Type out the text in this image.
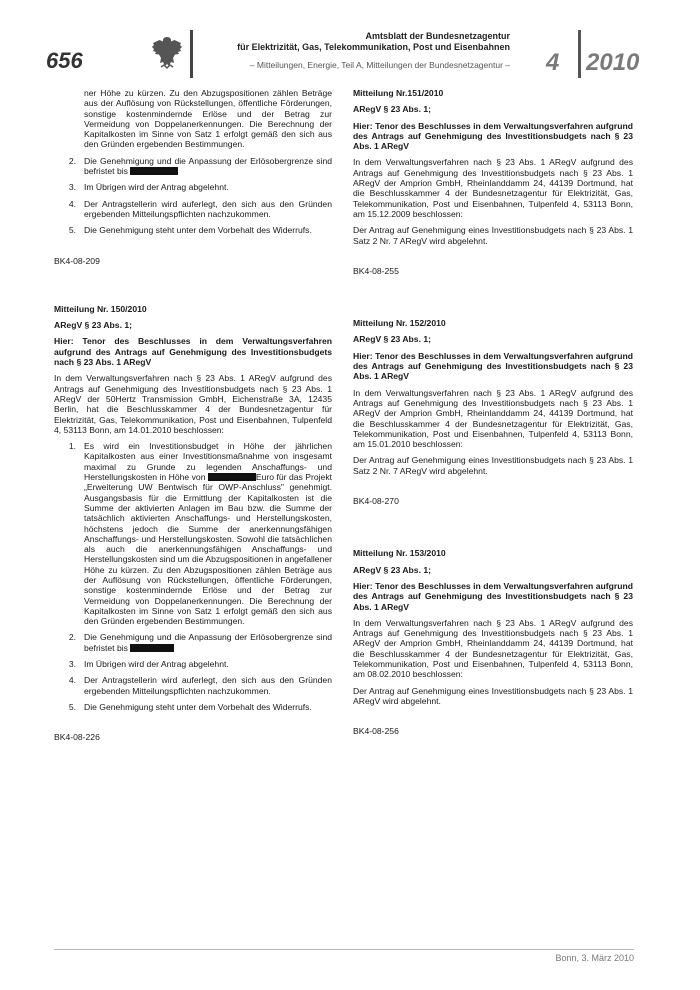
656
Amtsblatt der Bundesnetzagentur
für Elektrizität, Gas, Telekommunikation, Post und Eisenbahnen
– Mitteilungen, Energie, Teil A, Mitteilungen der Bundesnetzagentur – 4 2010
ner Höhe zu kürzen. Zu den Abzugspositionen zählen Beträge aus der Auflösung von Rückstellungen, öffentliche Förderungen, sonstige kostenmindernde Erlöse und der Betrag zur Vermeidung von Doppelanerkennungen. Die Berechnung der Kapitalkosten im Sinne von Satz 1 erfolgt gemäß den sich aus den Gründen ergebenden Bestimmungen.
2. Die Genehmigung und die Anpassung der Erlösobergrenze sind befristet bis
3. Im Übrigen wird der Antrag abgelehnt.
4. Der Antragstellerin wird auferlegt, den sich aus den Gründen ergebenden Mitteilungspflichten nachzukommen.
5. Die Genehmigung steht unter dem Vorbehalt des Widerrufs.

BK4-08-209

Mitteilung Nr. 150/2010

ARegV § 23 Abs. 1;

Hier: Tenor des Beschlusses in dem Verwaltungsverfahren aufgrund des Antrags auf Genehmigung des Investitionsbudgets nach § 23 Abs. 1 ARegV

In dem Verwaltungsverfahren nach § 23 Abs. 1 ARegV aufgrund des Antrags auf Genehmigung des Investitionsbudgets nach § 23 Abs. 1 ARegV der 50Hertz Transmission GmbH, Eichenstraße 3A, 12435 Berlin, hat die Beschlusskammer 4 der Bundesnetzagentur für Elektrizität, Gas, Telekommunikation, Post und Eisenbahnen, Tulpenfeld 4, 53113 Bonn, am 14.01.2010 beschlossen:

1. Es wird ein Investitionsbudget in Höhe der jährlichen Kapitalkosten aus einer Investitionsmaßnahme von insgesamt maximal zu Grunde zu legenden Anschaffungs- und Herstellungskosten in Höhe von	Euro für das Projekt „Erweiterung UW Bentwisch für OWP-Anschluss" genehmigt. Ausgangsbasis für die Ermittlung der Kapitalkosten ist die Summe der aktivierten Anlagen im Bau bzw. die Summe der tatsächlich aktivierten Anschaffungs- und Herstellungskosten, höchstens jedoch die Summe der anerkennungsfähigen Anschaffungs- und Herstellungskosten. Sowohl die tatsächlichen als auch die anerkennungsfähigen Anschaffungs- und Herstellungskosten sind um die Abzugspositionen in angefallener Höhe zu kürzen. Zu den Abzugspositionen zählen Beträge aus der Auflösung von Rückstellungen, öffentliche Förderungen, sonstige kostenmindernde Erlöse und der Betrag zur Vermeidung von Doppelanerkennungen. Die Berechnung der Kapitalkosten im Sinne von Satz 1 erfolgt gemäß den sich aus den Gründen ergebenden Bestimmungen.
2. Die Genehmigung und die Anpassung der Erlösobergrenze sind befristet bis
3. Im Übrigen wird der Antrag abgelehnt.
4. Der Antragstellerin wird auferlegt, den sich aus den Gründen ergebenden Mitteilungspflichten nachzukommen.
5. Die Genehmigung steht unter dem Vorbehalt des Widerrufs.

BK4-08-226

Mitteilung Nr.151/2010

ARegV § 23 Abs. 1;

Hier: Tenor des Beschlusses in dem Verwaltungsverfahren aufgrund des Antrags auf Genehmigung des Investitionsbudgets nach § 23 Abs. 1 ARegV

In dem Verwaltungsverfahren nach § 23 Abs. 1 ARegV aufgrund des Antrags auf Genehmigung des Investitionsbudgets nach § 23 Abs. 1 ARegV der Amprion GmbH, Rheinlanddamm 24, 44139 Dortmund, hat die Beschlusskammer 4 der Bundesnetzagentur für Elektrizität, Gas, Telekommunikation, Post und Eisenbahnen, Tulpenfeld 4, 53113 Bonn, am 15.12.2009 beschlossen:

Der Antrag auf Genehmigung eines Investitionsbudgets nach § 23 Abs. 1 Satz 2 Nr. 7 ARegV wird abgelehnt.

BK4-08-255

Mitteilung Nr. 152/2010

ARegV § 23 Abs. 1;

Hier: Tenor des Beschlusses in dem Verwaltungsverfahren aufgrund des Antrags auf Genehmigung des Investitionsbudgets nach § 23 Abs. 1 ARegV

In dem Verwaltungsverfahren nach § 23 Abs. 1 ARegV aufgrund des Antrags auf Genehmigung des Investitionsbudgets nach § 23 Abs. 1 ARegV der Amprion GmbH, Rheinlanddamm 24, 44139 Dortmund, hat die Beschlusskammer 4 der Bundesnetzagentur für Elektrizität, Gas, Telekommunikation, Post und Eisenbahnen, Tulpenfeld 4, 53113 Bonn, am 15.01.2010 beschlossen:

Der Antrag auf Genehmigung eines Investitionsbudgets nach § 23 Abs. 1 Satz 2 Nr. 7 ARegV wird abgelehnt.

BK4-08-270

Mitteilung Nr. 153/2010

ARegV § 23 Abs. 1;

Hier: Tenor des Beschlusses in dem Verwaltungsverfahren aufgrund des Antrags auf Genehmigung des Investitionsbudgets nach § 23 Abs. 1 ARegV

In dem Verwaltungsverfahren nach § 23 Abs. 1 ARegV aufgrund des Antrags auf Genehmigung des Investitionsbudgets nach § 23 Abs. 1 ARegV der Amprion GmbH, Rheinlanddamm 24, 44139 Dortmund, hat die Beschlusskammer 4 der Bundesnetzagentur für Elektrizität, Gas, Telekommunikation, Post und Eisenbahnen, Tulpenfeld 4, 53113 Bonn, am 08.02.2010 beschlossen:

Der Antrag auf Genehmigung eines Investitionsbudgets nach § 23 Abs. 1 ARegV wird abgelehnt.

BK4-08-256

Bonn, 3. März 2010
